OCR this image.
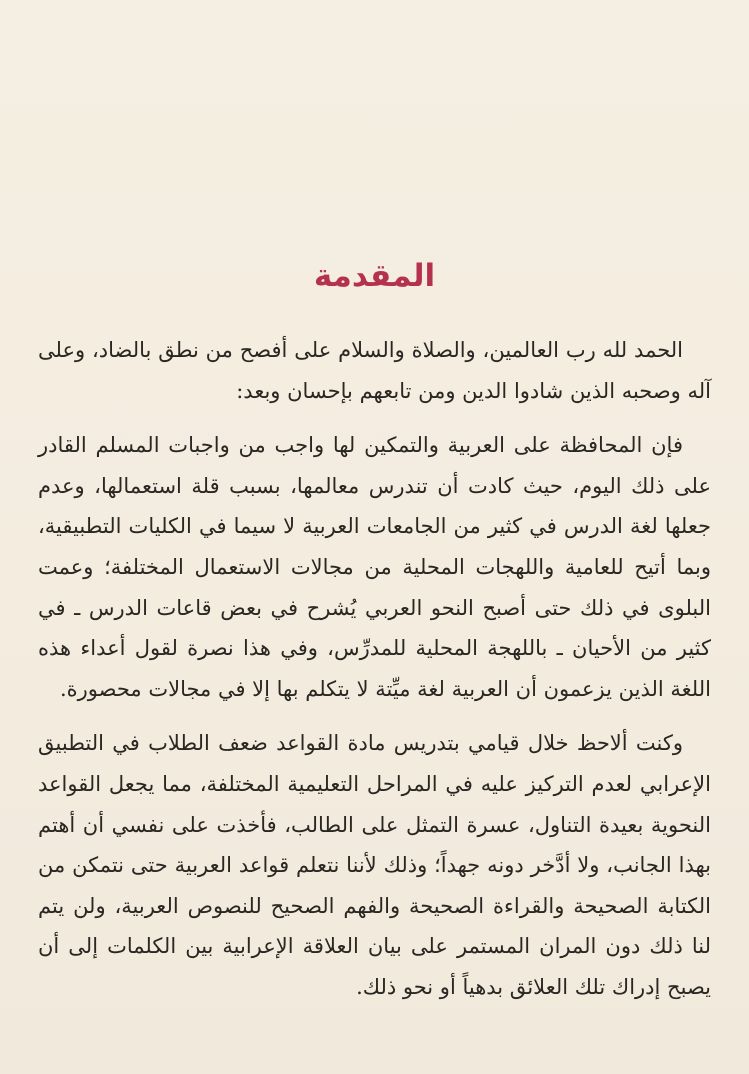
المقدمة

الحمد لله رب العالمين، والصلاة والسلام على أفصح من نطق بالضاد، وعلى آله وصحبه الذين شادوا الدين ومن تابعهم بإحسان وبعد:

فإن المحافظة على العربية والتمكين لها واجب من واجبات المسلم القادر على ذلك اليوم، حيث كادت أن تندرس معالمها، بسبب قلة استعمالها، وعدم جعلها لغة الدرس في كثير من الجامعات العربية لا سيما في الكليات التطبيقية، وبما أتيح للعامية واللهجات المحلية من مجالات الاستعمال المختلفة؛ وعمت البلوى في ذلك حتى أصبح النحو العربي يُشرح في بعض قاعات الدرس ـ في كثير من الأحيان ـ باللهجة المحلية للمدرِّس، وفي هذا نصرة لقول أعداء هذه اللغة الذين يزعمون أن العربية لغة ميِّتة لا يتكلم بها إلا في مجالات محصورة.

وكنت ألاحظ خلال قيامي بتدريس مادة القواعد ضعف الطلاب في التطبيق الإعرابي لعدم التركيز عليه في المراحل التعليمية المختلفة، مما يجعل القواعد النحوية بعيدة التناول، عسرة التمثل على الطالب، فأخذت على نفسي أن أهتم بهذا الجانب، ولا أدَّخر دونه جهداً؛ وذلك لأننا نتعلم قواعد العربية حتى نتمكن من الكتابة الصحيحة والقراءة الصحيحة والفهم الصحيح للنصوص العربية، ولن يتم لنا ذلك دون المران المستمر على بيان العلاقة الإعرابية بين الكلمات إلى أن يصبح إدراك تلك العلائق بدهياً أو نحو ذلك.
